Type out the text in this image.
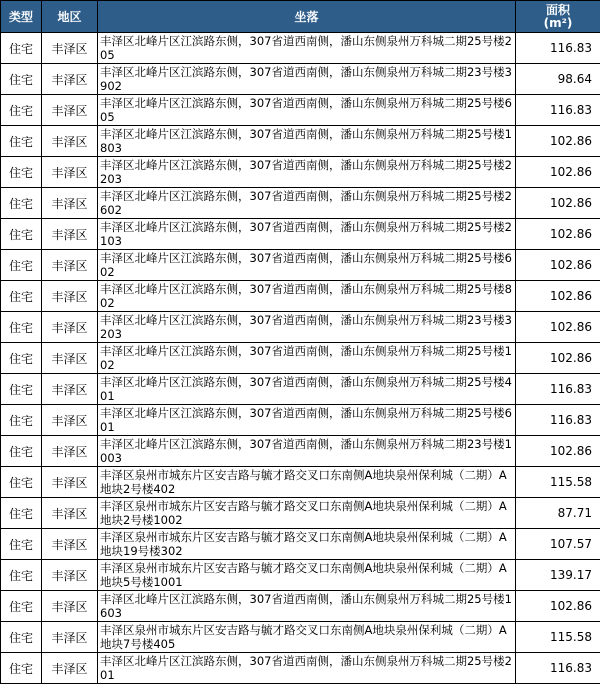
类型	地区	坐落	面积
(m²)
住宅	丰泽区	丰泽区北峰片区江滨路东侧，307省道西南侧，潘山东侧泉州万科城二期25号楼205	116.83
住宅	丰泽区	丰泽区北峰片区江滨路东侧，307省道西南侧，潘山东侧泉州万科城二期23号楼3902	98.64
住宅	丰泽区	丰泽区北峰片区江滨路东侧，307省道西南侧，潘山东侧泉州万科城二期25号楼605	116.83
住宅	丰泽区	丰泽区北峰片区江滨路东侧，307省道西南侧，潘山东侧泉州万科城二期25号楼1803	102.86
住宅	丰泽区	丰泽区北峰片区江滨路东侧，307省道西南侧，潘山东侧泉州万科城二期25号楼2203	102.86
住宅	丰泽区	丰泽区北峰片区江滨路东侧，307省道西南侧，潘山东侧泉州万科城二期25号楼2602	102.86
住宅	丰泽区	丰泽区北峰片区江滨路东侧，307省道西南侧，潘山东侧泉州万科城二期25号楼2103	102.86
住宅	丰泽区	丰泽区北峰片区江滨路东侧，307省道西南侧，潘山东侧泉州万科城二期25号楼602	102.86
住宅	丰泽区	丰泽区北峰片区江滨路东侧，307省道西南侧，潘山东侧泉州万科城二期25号楼802	102.86
住宅	丰泽区	丰泽区北峰片区江滨路东侧，307省道西南侧，潘山东侧泉州万科城二期23号楼3203	102.86
住宅	丰泽区	丰泽区北峰片区江滨路东侧，307省道西南侧，潘山东侧泉州万科城二期25号楼102	102.86
住宅	丰泽区	丰泽区北峰片区江滨路东侧，307省道西南侧，潘山东侧泉州万科城二期25号楼401	116.83
住宅	丰泽区	丰泽区北峰片区江滨路东侧，307省道西南侧，潘山东侧泉州万科城二期25号楼601	116.83
住宅	丰泽区	丰泽区北峰片区江滨路东侧，307省道西南侧，潘山东侧泉州万科城二期23号楼1003	102.86
住宅	丰泽区	丰泽区泉州市城东片区安吉路与毓才路交叉口东南侧A地块泉州保利城（二期）A地块2号楼402	115.58
住宅	丰泽区	丰泽区泉州市城东片区安吉路与毓才路交叉口东南侧A地块泉州保利城（二期）A地块2号楼1002	87.71
住宅	丰泽区	丰泽区泉州市城东片区安吉路与毓才路交叉口东南侧A地块泉州保利城（二期）A地块19号楼302	107.57
住宅	丰泽区	丰泽区泉州市城东片区安吉路与毓才路交叉口东南侧A地块泉州保利城（二期）A地块5号楼1001	139.17
住宅	丰泽区	丰泽区北峰片区江滨路东侧，307省道西南侧，潘山东侧泉州万科城二期25号楼1603	102.86
住宅	丰泽区	丰泽区泉州市城东片区安吉路与毓才路交叉口东南侧A地块泉州保利城（二期）A地块7号楼405	115.58
住宅	丰泽区	丰泽区北峰片区江滨路东侧，307省道西南侧，潘山东侧泉州万科城二期25号楼201	116.83
